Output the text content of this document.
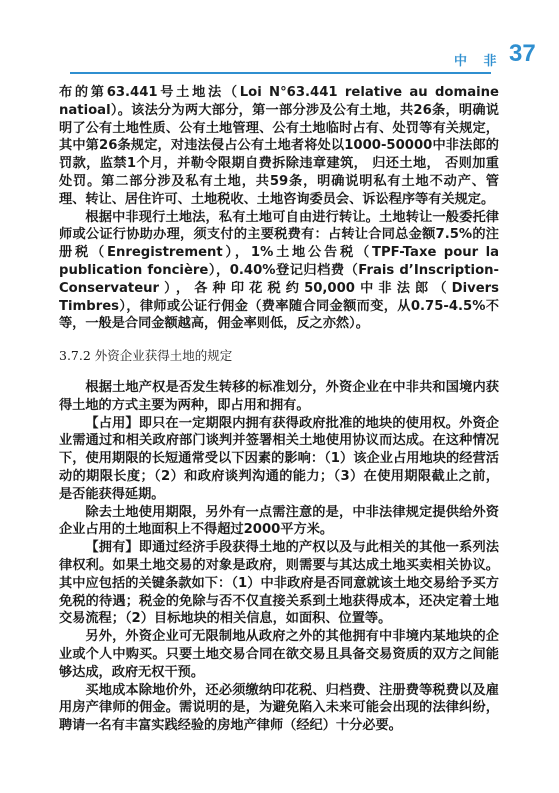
中 非 37

布的第63.441号土地法（Loi N°63.441 relative au domaine natioal）。该法分为两大部分，第一部分涉及公有土地，共26条，明确说明了公有土地性质、公有土地管理、公有土地临时占有、处罚等有关规定， 其中第26条规定，对违法侵占公有土地者将处以1000-50000中非法郎的罚款，监禁1个月，并勒令限期自费拆除违章建筑， 归还土地， 否则加重处罚。第二部分涉及私有土地，共59条，明确说明私有土地不动产、管理、转让、居住许可、土地税收、土地咨询委员会、诉讼程序等有关规定。

根据中非现行土地法，私有土地可自由进行转让。土地转让一般委托律师或公证行协助办理，须支付的主要税费有：占转让合同总金额7.5%的注册税（Enregistrement），1%土地公告税（TPF-Taxe pour la publication foncière），0.40%登记归档费（Frais d’Inscription- Conservateur），各种印花税约50,000中非法郎（Divers Timbres），律师或公证行佣金（费率随合同金额而变，从0.75-4.5%不等，一般是合同金额越高，佣金率则低，反之亦然）。

3.7.2 外资企业获得土地的规定

根据土地产权是否发生转移的标准划分，外资企业在中非共和国境内获得土地的方式主要为两种，即占用和拥有。

【占用】即只在一定期限内拥有获得政府批准的地块的使用权。外资企业需通过和相关政府部门谈判并签署相关土地使用协议而达成。在这种情况下，使用期限的长短通常受以下因素的影响：（1）该企业占用地块的经营活动的期限长度；（2）和政府谈判沟通的能力；（3）在使用期限截止之前，是否能获得延期。

除去土地使用期限，另外有一点需注意的是，中非法律规定提供给外资企业占用的土地面积上不得超过2000平方米。

【拥有】即通过经济手段获得土地的产权以及与此相关的其他一系列法律权利。如果土地交易的对象是政府，则需要与其达成土地买卖相关协议。其中应包括的关键条款如下：（1）中非政府是否同意就该土地交易给予买方免税的待遇；税金的免除与否不仅直接关系到土地获得成本，还决定着土地交易流程；（2）目标地块的相关信息，如面积、位置等。

另外，外资企业可无限制地从政府之外的其他拥有中非境内某地块的企业或个人中购买。只要土地交易合同在欲交易且具备交易资质的双方之间能够达成，政府无权干预。

买地成本除地价外，还必须缴纳印花税、归档费、注册费等税费以及雇用房产律师的佣金。需说明的是，为避免陷入未来可能会出现的法律纠纷，聘请一名有丰富实践经验的房地产律师（经纪）十分必要。
